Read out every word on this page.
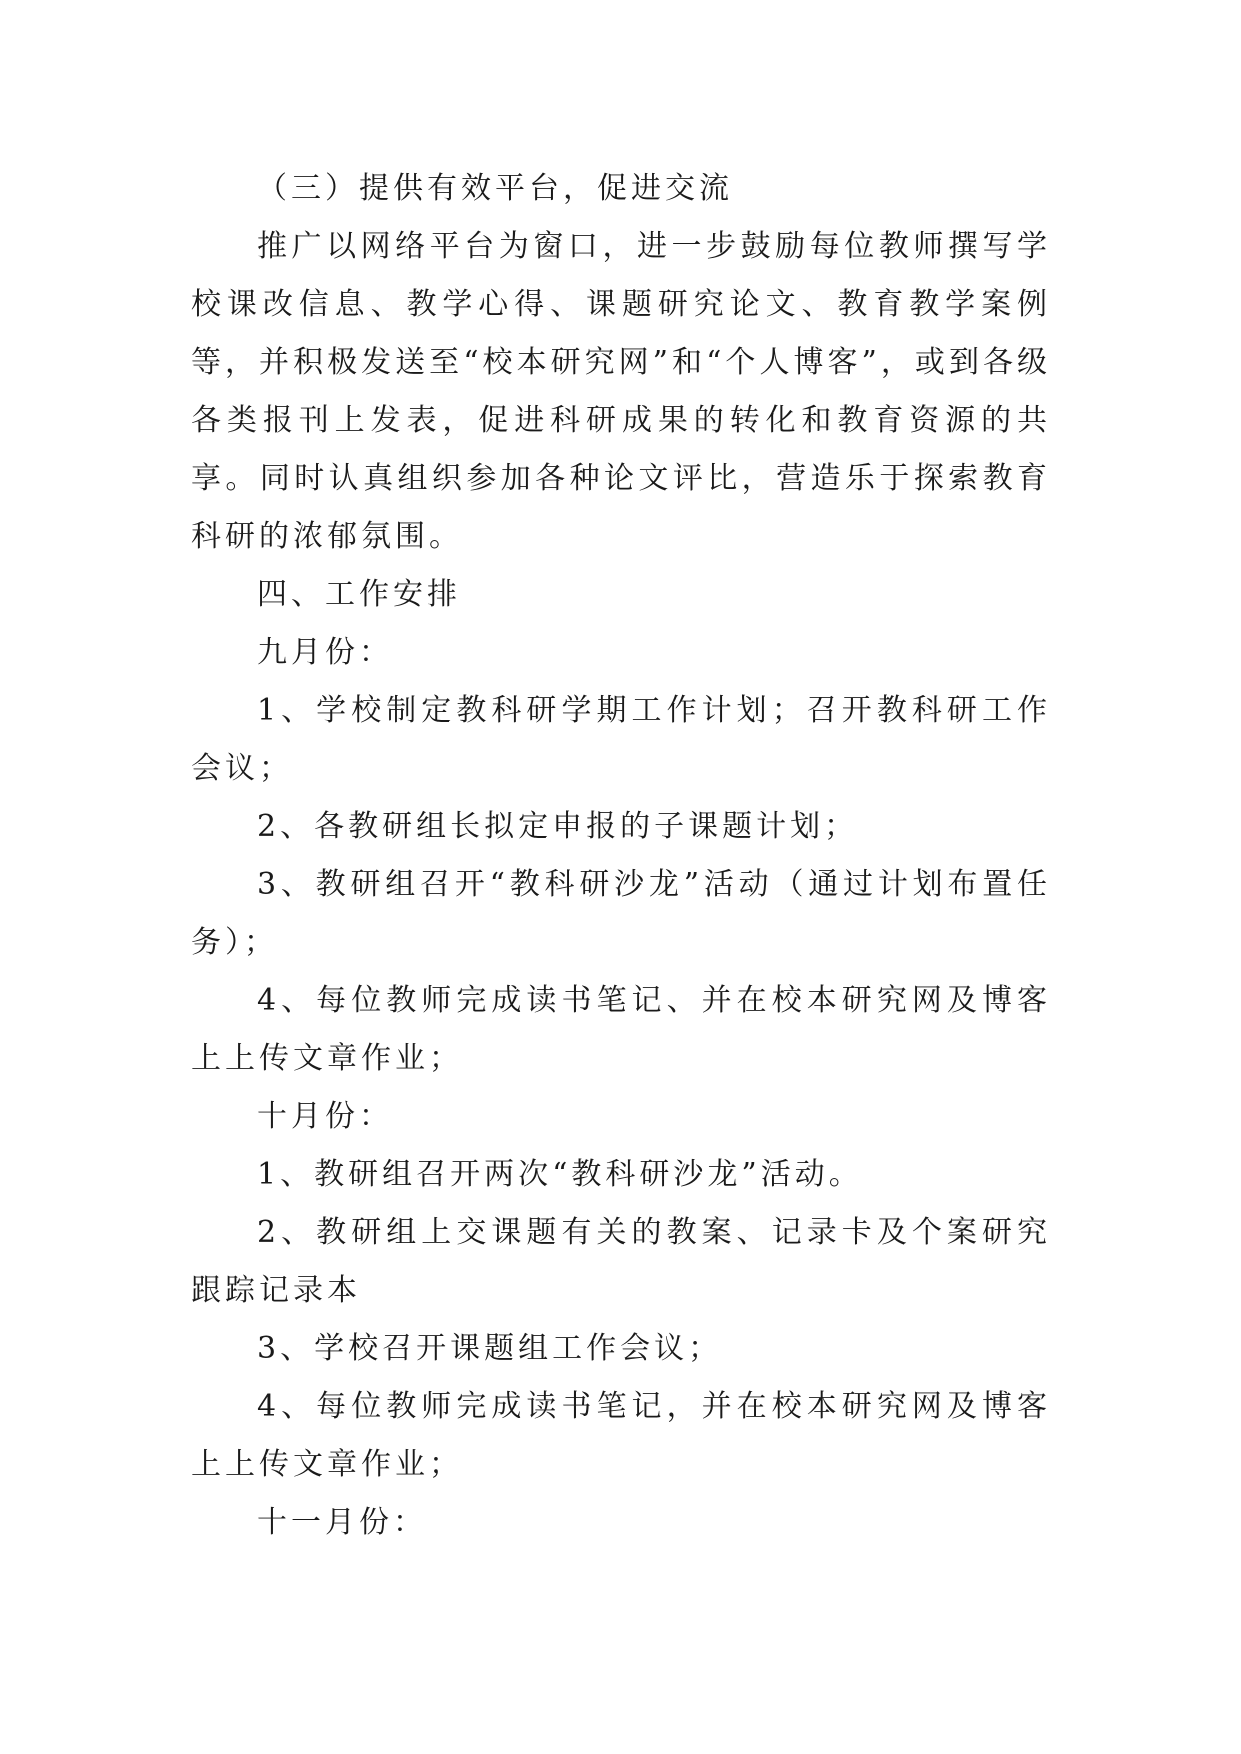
（三）提供有效平台，促进交流

推广以网络平台为窗口，进一步鼓励每位教师撰写学校课改信息、教学心得、课题研究论文、教育教学案例等，并积极发送至“校本研究网”和“个人博客”，或到各级各类报刊上发表，促进科研成果的转化和教育资源的共享。同时认真组织参加各种论文评比，营造乐于探索教育科研的浓郁氛围。

四、工作安排

九月份：

1、学校制定教科研学期工作计划；召开教科研工作会议；

2、各教研组长拟定申报的子课题计划；

3、教研组召开“教科研沙龙”活动（通过计划布置任务）；

4、每位教师完成读书笔记、并在校本研究网及博客上上传文章作业；

十月份：

1、教研组召开两次“教科研沙龙”活动。

2、教研组上交课题有关的教案、记录卡及个案研究跟踪记录本

3、学校召开课题组工作会议；

4、每位教师完成读书笔记，并在校本研究网及博客上上传文章作业；

十一月份：
